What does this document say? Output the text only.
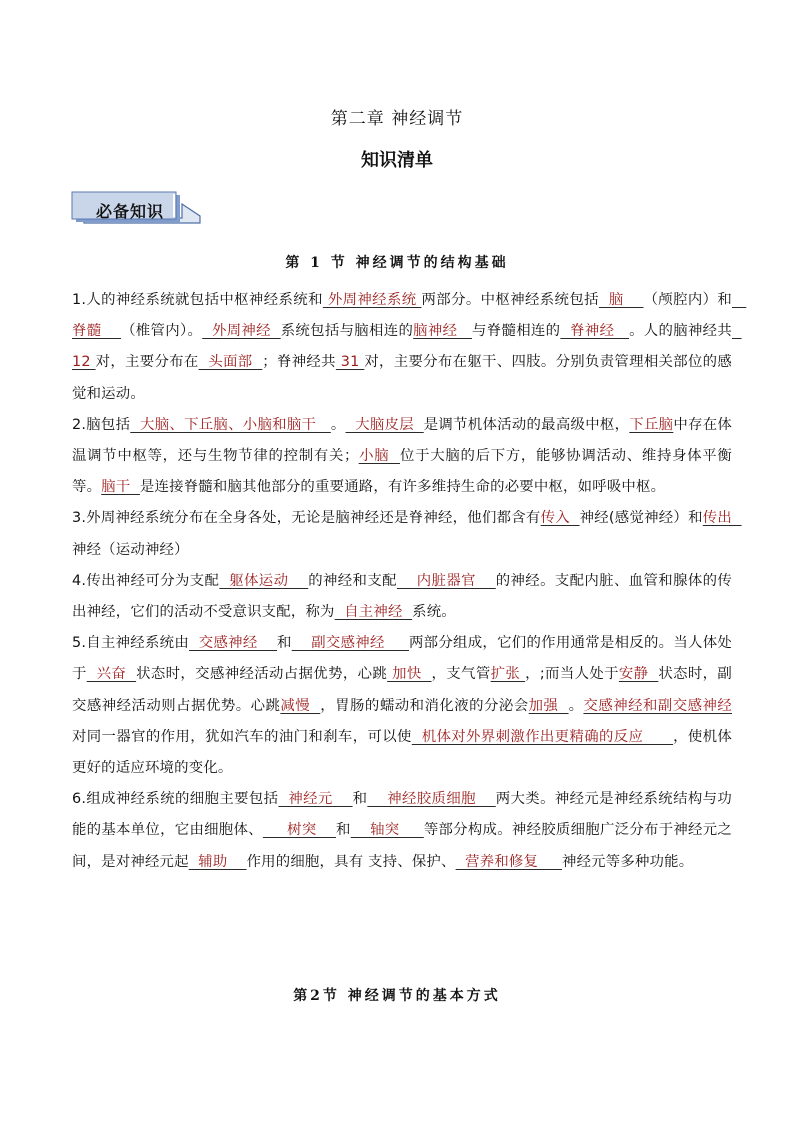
第二章 神经调节
知识清单
必备知识
第 1 节 神经调节的结构基础

1.人的神经系统就包括中枢神经系统和 外周神经系统 两部分。中枢神经系统包括  脑    （颅腔内）和   脊髓    （椎管内）。  外周神经  系统包括与脑相连的脑神经   与脊髓相连的  脊神经   。人的脑神经共  12 对，主要分布在  头面部  ；脊神经共 31 对，主要分布在躯干、四肢。分别负责管理相关部位的感觉和运动。

2.脑包括  大脑、下丘脑、小脑和脑干   。  大脑皮层  是调节机体活动的最高级中枢，下丘脑中存在体温调节中枢等，还与生物节律的控制有关；小脑  位于大脑的后下方，能够协调活动、维持身体平衡等。脑干  是连接脊髓和脑其他部分的重要通路，有许多维持生命的必要中枢，如呼吸中枢。

3.外周神经系统分布在全身各处，无论是脑神经还是脊神经，他们都含有传入  神经(感觉神经）和传出  神经（运动神经）

4.传出神经可分为支配  躯体运动    的神经和支配    内脏器官    的神经。支配内脏、血管和腺体的传出神经，它们的活动不受意识支配，称为  自主神经  系统。

5.自主神经系统由  交感神经    和    副交感神经     两部分组成，它们的作用通常是相反的。当人体处于  兴奋  状态时，交感神经活动占据优势，心跳 加快  ，支气管扩张 ，;而当人处于安静  状态时，副交感神经活动则占据优势。心跳减慢  ，胃肠的蠕动和消化液的分泌会加强  。交感神经和副交感神经对同一器官的作用，犹如汽车的油门和刹车，可以使  机体对外界刺激作出更精确的反应      ，使机体更好的适应环境的变化。

6.组成神经系统的细胞主要包括  神经元    和    神经胶质细胞    两大类。神经元是神经系统结构与功能的基本单位，它由细胞体、     树突    和    轴突     等部分构成。神经胶质细胞广泛分布于神经元之间，是对神经元起  辅助    作用的细胞，具有 支持、保护、  营养和修复     神经元等多种功能。

第2节 神经调节的基本方式
